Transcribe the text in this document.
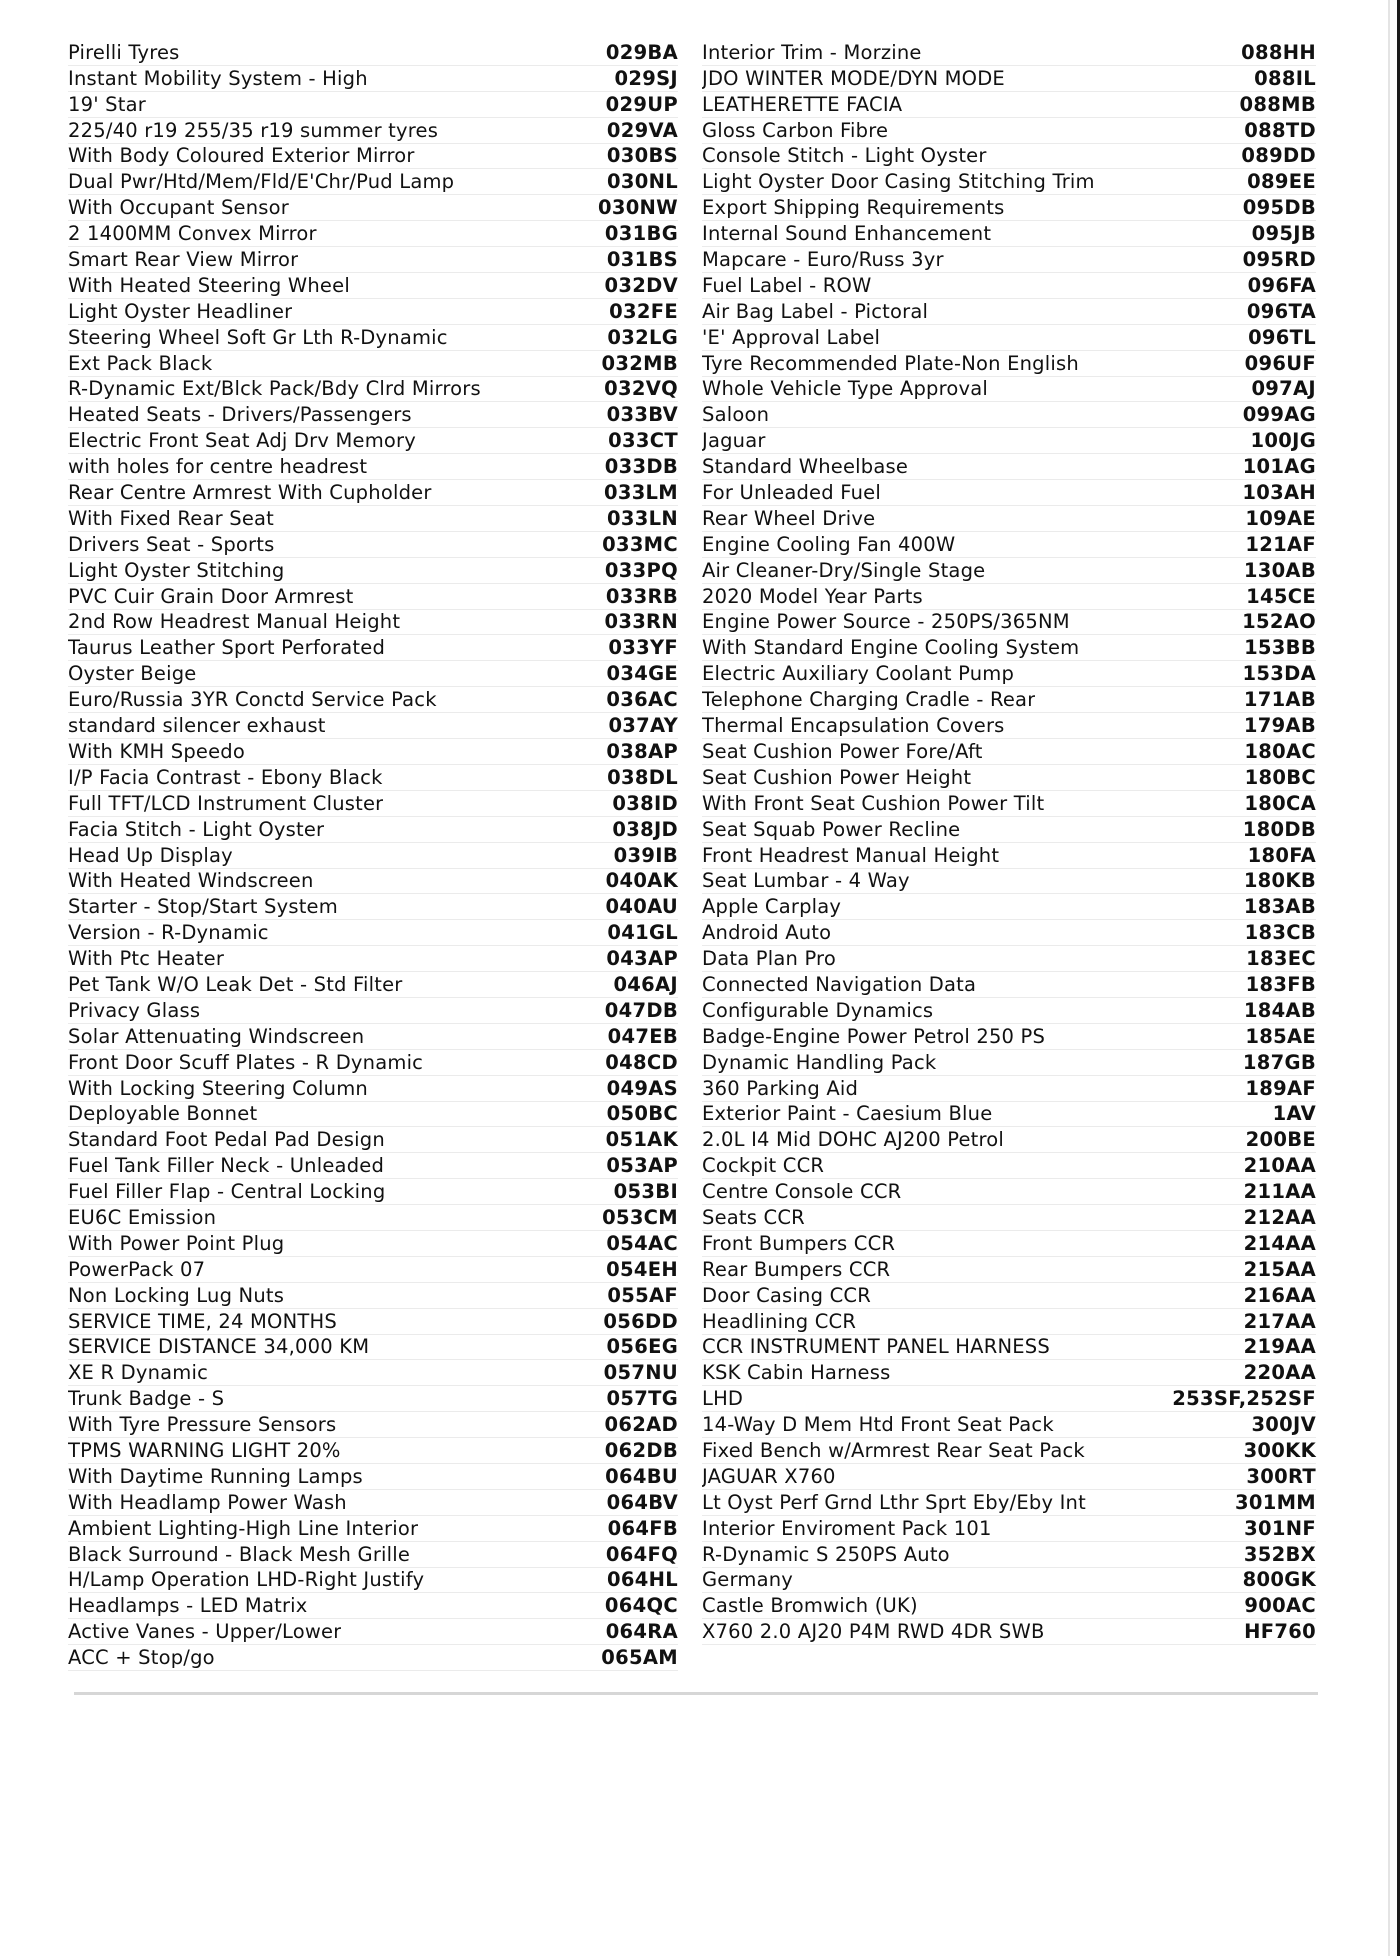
Pirelli Tyres	029BA
Instant Mobility System - High	029SJ
19' Star	029UP
225/40 r19 255/35 r19 summer tyres	029VA
With Body Coloured Exterior Mirror	030BS
Dual Pwr/Htd/Mem/Fld/E'Chr/Pud Lamp	030NL
With Occupant Sensor	030NW
2 1400MM Convex Mirror	031BG
Smart Rear View Mirror	031BS
With Heated Steering Wheel	032DV
Light Oyster Headliner	032FE
Steering Wheel Soft Gr Lth R-Dynamic	032LG
Ext Pack Black	032MB
R-Dynamic Ext/Blck Pack/Bdy Clrd Mirrors	032VQ
Heated Seats - Drivers/Passengers	033BV
Electric Front Seat Adj Drv Memory	033CT
with holes for centre headrest	033DB
Rear Centre Armrest With Cupholder	033LM
With Fixed Rear Seat	033LN
Drivers Seat - Sports	033MC
Light Oyster Stitching	033PQ
PVC Cuir Grain Door Armrest	033RB
2nd Row Headrest Manual Height	033RN
Taurus Leather Sport Perforated	033YF
Oyster Beige	034GE
Euro/Russia 3YR Conctd Service Pack	036AC
standard silencer exhaust	037AY
With KMH Speedo	038AP
I/P Facia Contrast - Ebony Black	038DL
Full TFT/LCD Instrument Cluster	038ID
Facia Stitch - Light Oyster	038JD
Head Up Display	039IB
With Heated Windscreen	040AK
Starter - Stop/Start System	040AU
Version - R-Dynamic	041GL
With Ptc Heater	043AP
Pet Tank W/O Leak Det - Std Filter	046AJ
Privacy Glass	047DB
Solar Attenuating Windscreen	047EB
Front Door Scuff Plates - R Dynamic	048CD
With Locking Steering Column	049AS
Deployable Bonnet	050BC
Standard Foot Pedal Pad Design	051AK
Fuel Tank Filler Neck - Unleaded	053AP
Fuel Filler Flap - Central Locking	053BI
EU6C Emission	053CM
With Power Point Plug	054AC
PowerPack 07	054EH
Non Locking Lug Nuts	055AF
SERVICE TIME, 24 MONTHS	056DD
SERVICE DISTANCE 34,000 KM	056EG
XE R Dynamic	057NU
Trunk Badge - S	057TG
With Tyre Pressure Sensors	062AD
TPMS WARNING LIGHT 20%	062DB
With Daytime Running Lamps	064BU
With Headlamp Power Wash	064BV
Ambient Lighting-High Line Interior	064FB
Black Surround - Black Mesh Grille	064FQ
H/Lamp Operation LHD-Right Justify	064HL
Headlamps - LED Matrix	064QC
Active Vanes - Upper/Lower	064RA
ACC + Stop/go	065AM
Interior Trim - Morzine	088HH
JDO WINTER MODE/DYN MODE	088IL
LEATHERETTE FACIA	088MB
Gloss Carbon Fibre	088TD
Console Stitch - Light Oyster	089DD
Light Oyster Door Casing Stitching Trim	089EE
Export Shipping Requirements	095DB
Internal Sound Enhancement	095JB
Mapcare - Euro/Russ 3yr	095RD
Fuel Label - ROW	096FA
Air Bag Label - Pictoral	096TA
'E' Approval Label	096TL
Tyre Recommended Plate-Non English	096UF
Whole Vehicle Type Approval	097AJ
Saloon	099AG
Jaguar	100JG
Standard Wheelbase	101AG
For Unleaded Fuel	103AH
Rear Wheel Drive	109AE
Engine Cooling Fan 400W	121AF
Air Cleaner-Dry/Single Stage	130AB
2020 Model Year Parts	145CE
Engine Power Source - 250PS/365NM	152AO
With Standard Engine Cooling System	153BB
Electric Auxiliary Coolant Pump	153DA
Telephone Charging Cradle - Rear	171AB
Thermal Encapsulation Covers	179AB
Seat Cushion Power Fore/Aft	180AC
Seat Cushion Power Height	180BC
With Front Seat Cushion Power Tilt	180CA
Seat Squab Power Recline	180DB
Front Headrest Manual Height	180FA
Seat Lumbar - 4 Way	180KB
Apple Carplay	183AB
Android Auto	183CB
Data Plan Pro	183EC
Connected Navigation Data	183FB
Configurable Dynamics	184AB
Badge-Engine Power Petrol 250 PS	185AE
Dynamic Handling Pack	187GB
360 Parking Aid	189AF
Exterior Paint - Caesium Blue	1AV
2.0L I4 Mid DOHC AJ200 Petrol	200BE
Cockpit CCR	210AA
Centre Console CCR	211AA
Seats CCR	212AA
Front Bumpers CCR	214AA
Rear Bumpers CCR	215AA
Door Casing CCR	216AA
Headlining CCR	217AA
CCR INSTRUMENT PANEL HARNESS	219AA
KSK Cabin Harness	220AA
LHD	253SF,252SF
14-Way D Mem Htd Front Seat Pack	300JV
Fixed Bench w/Armrest Rear Seat Pack	300KK
JAGUAR X760	300RT
Lt Oyst Perf Grnd Lthr Sprt Eby/Eby Int	301MM
Interior Enviroment Pack 101	301NF
R-Dynamic S 250PS Auto	352BX
Germany	800GK
Castle Bromwich (UK)	900AC
X760 2.0 AJ20 P4M RWD 4DR SWB	HF760
